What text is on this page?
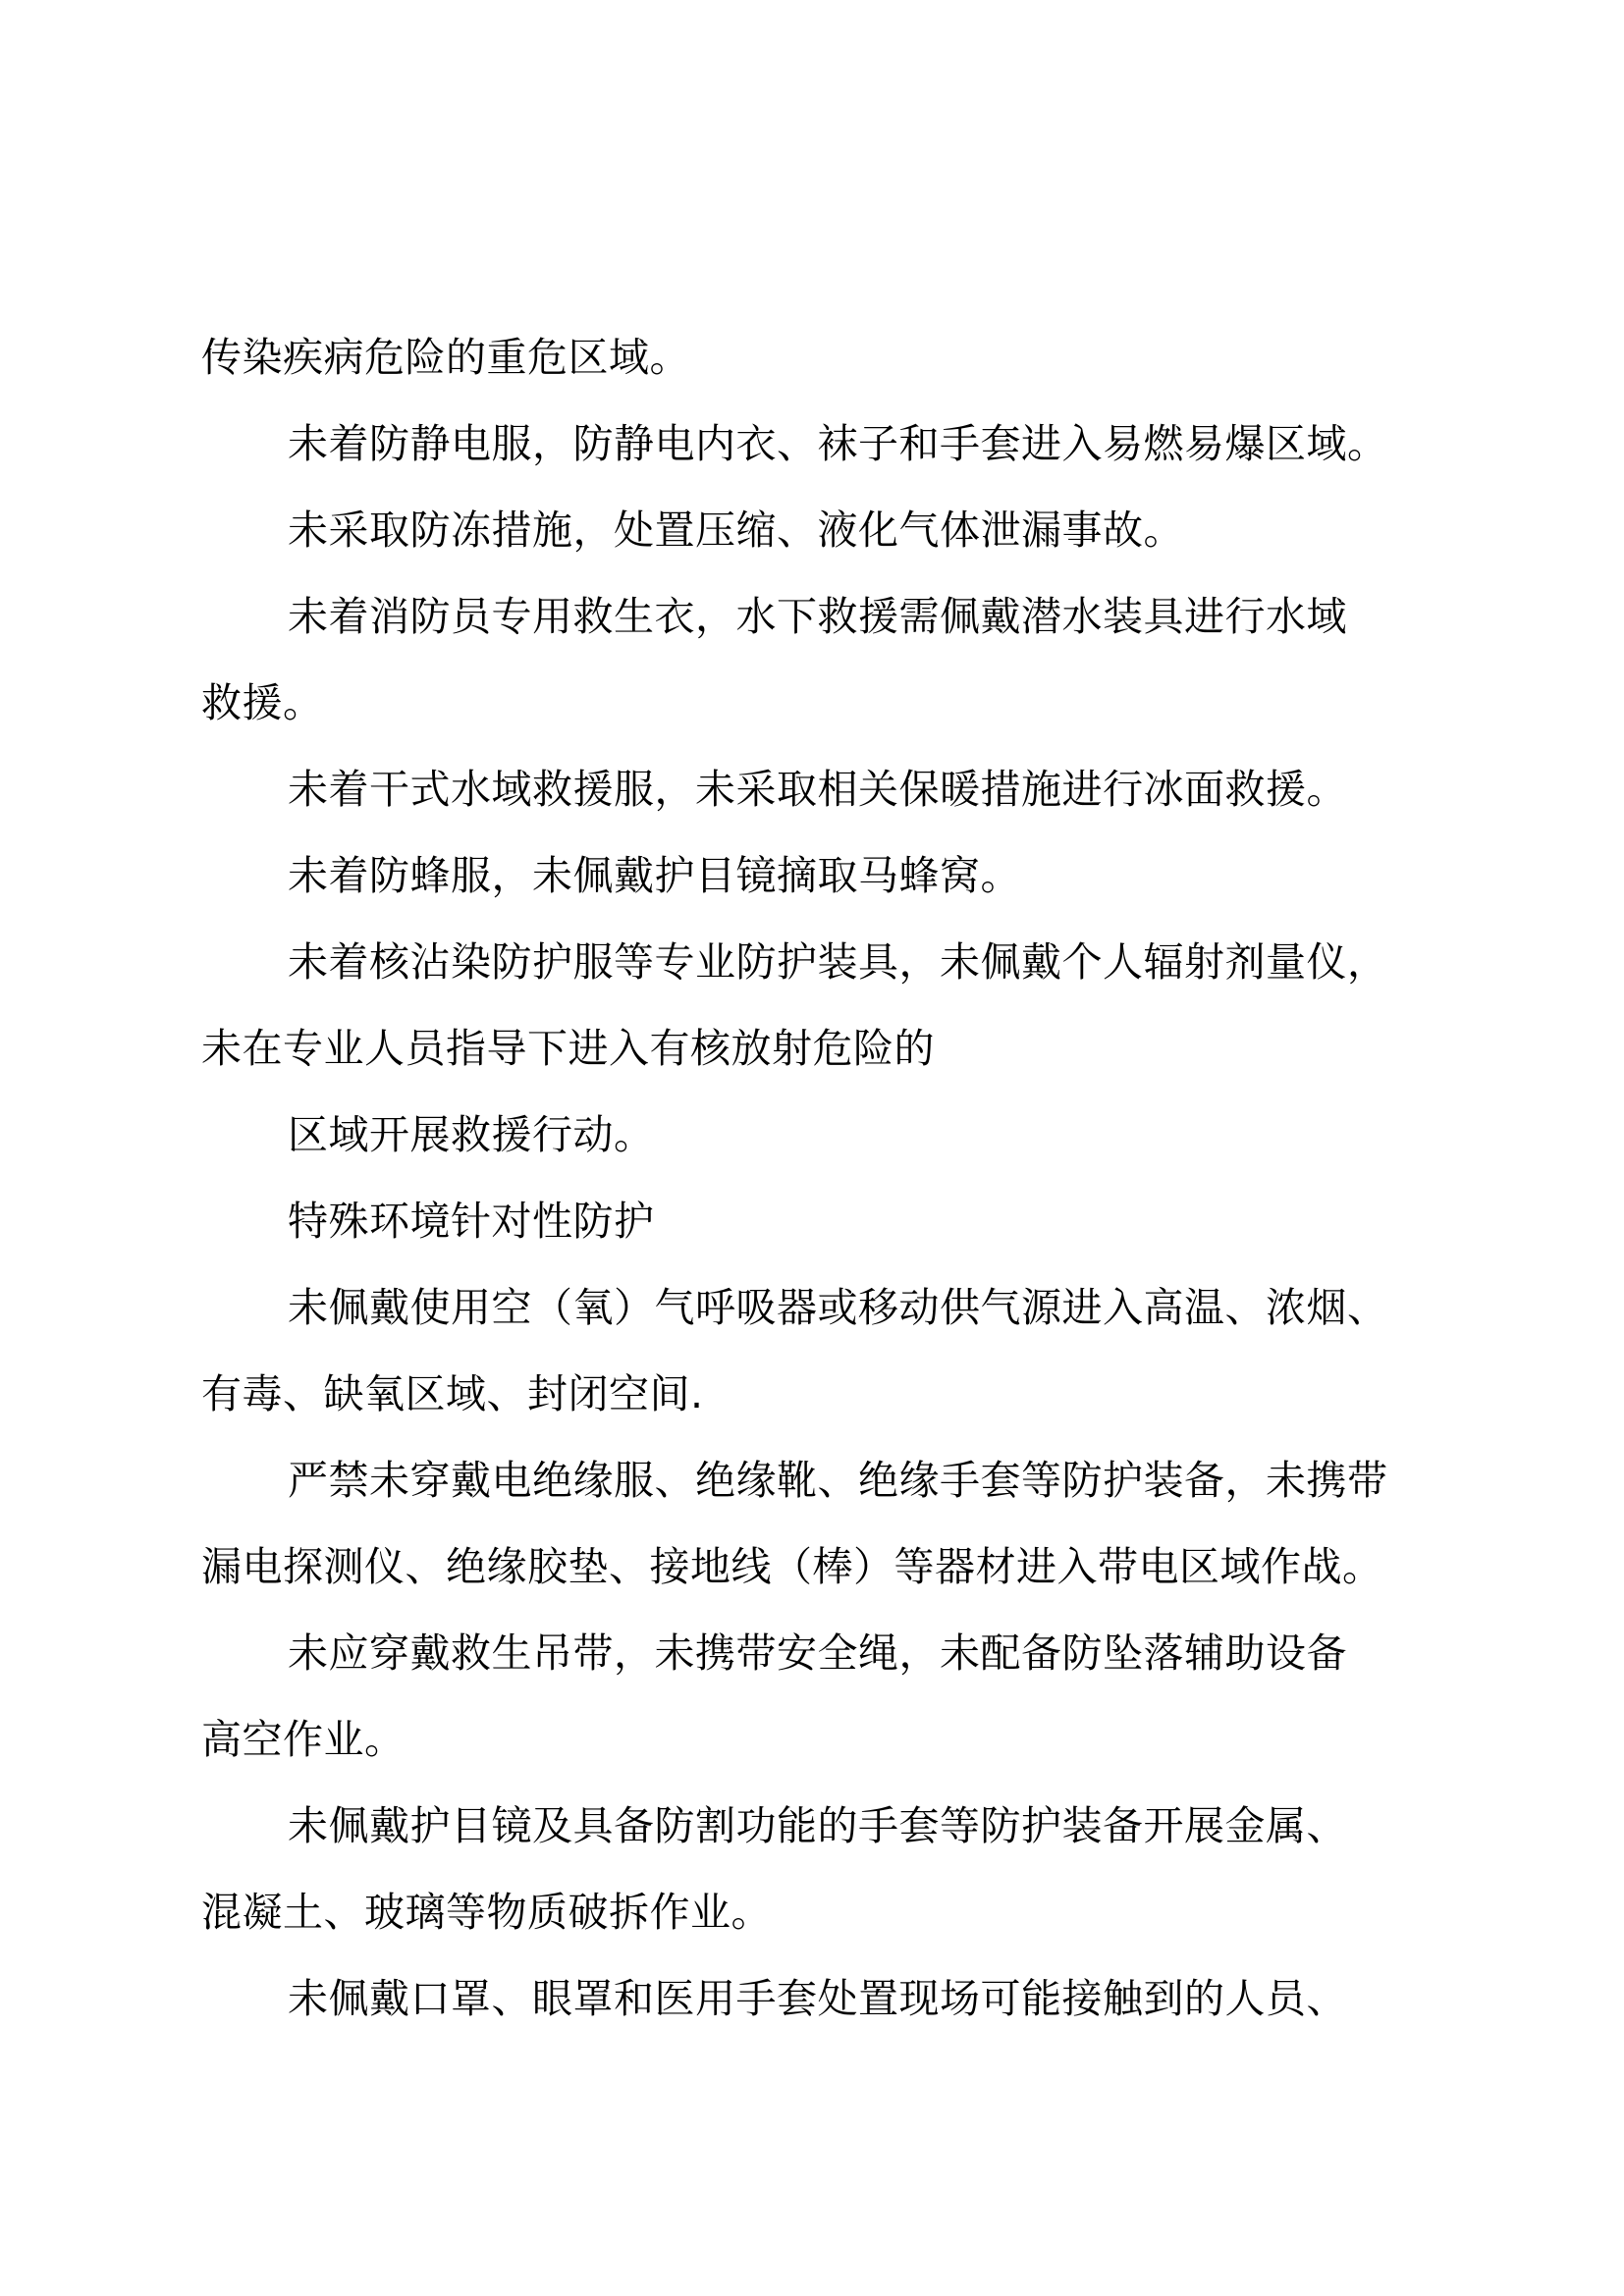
传染疾病危险的重危区域。
未着防静电服，防静电内衣、袜子和手套进入易燃易爆区域。
未采取防冻措施，处置压缩、液化气体泄漏事故。
未着消防员专用救生衣，水下救援需佩戴潜水装具进行水域
救援。
未着干式水域救援服，未采取相关保暖措施进行冰面救援。
未着防蜂服，未佩戴护目镜摘取马蜂窝。
未着核沾染防护服等专业防护装具，未佩戴个人辐射剂量仪，
未在专业人员指导下进入有核放射危险的
区域开展救援行动。
特殊环境针对性防护
未佩戴使用空（氧）气呼吸器或移动供气源进入高温、浓烟、
有毒、缺氧区域、封闭空间.
严禁未穿戴电绝缘服、绝缘靴、绝缘手套等防护装备，未携带
漏电探测仪、绝缘胶垫、接地线（棒）等器材进入带电区域作战。
未应穿戴救生吊带，未携带安全绳，未配备防坠落辅助设备
高空作业。
未佩戴护目镜及具备防割功能的手套等防护装备开展金属、
混凝土、玻璃等物质破拆作业。
未佩戴口罩、眼罩和医用手套处置现场可能接触到的人员、
